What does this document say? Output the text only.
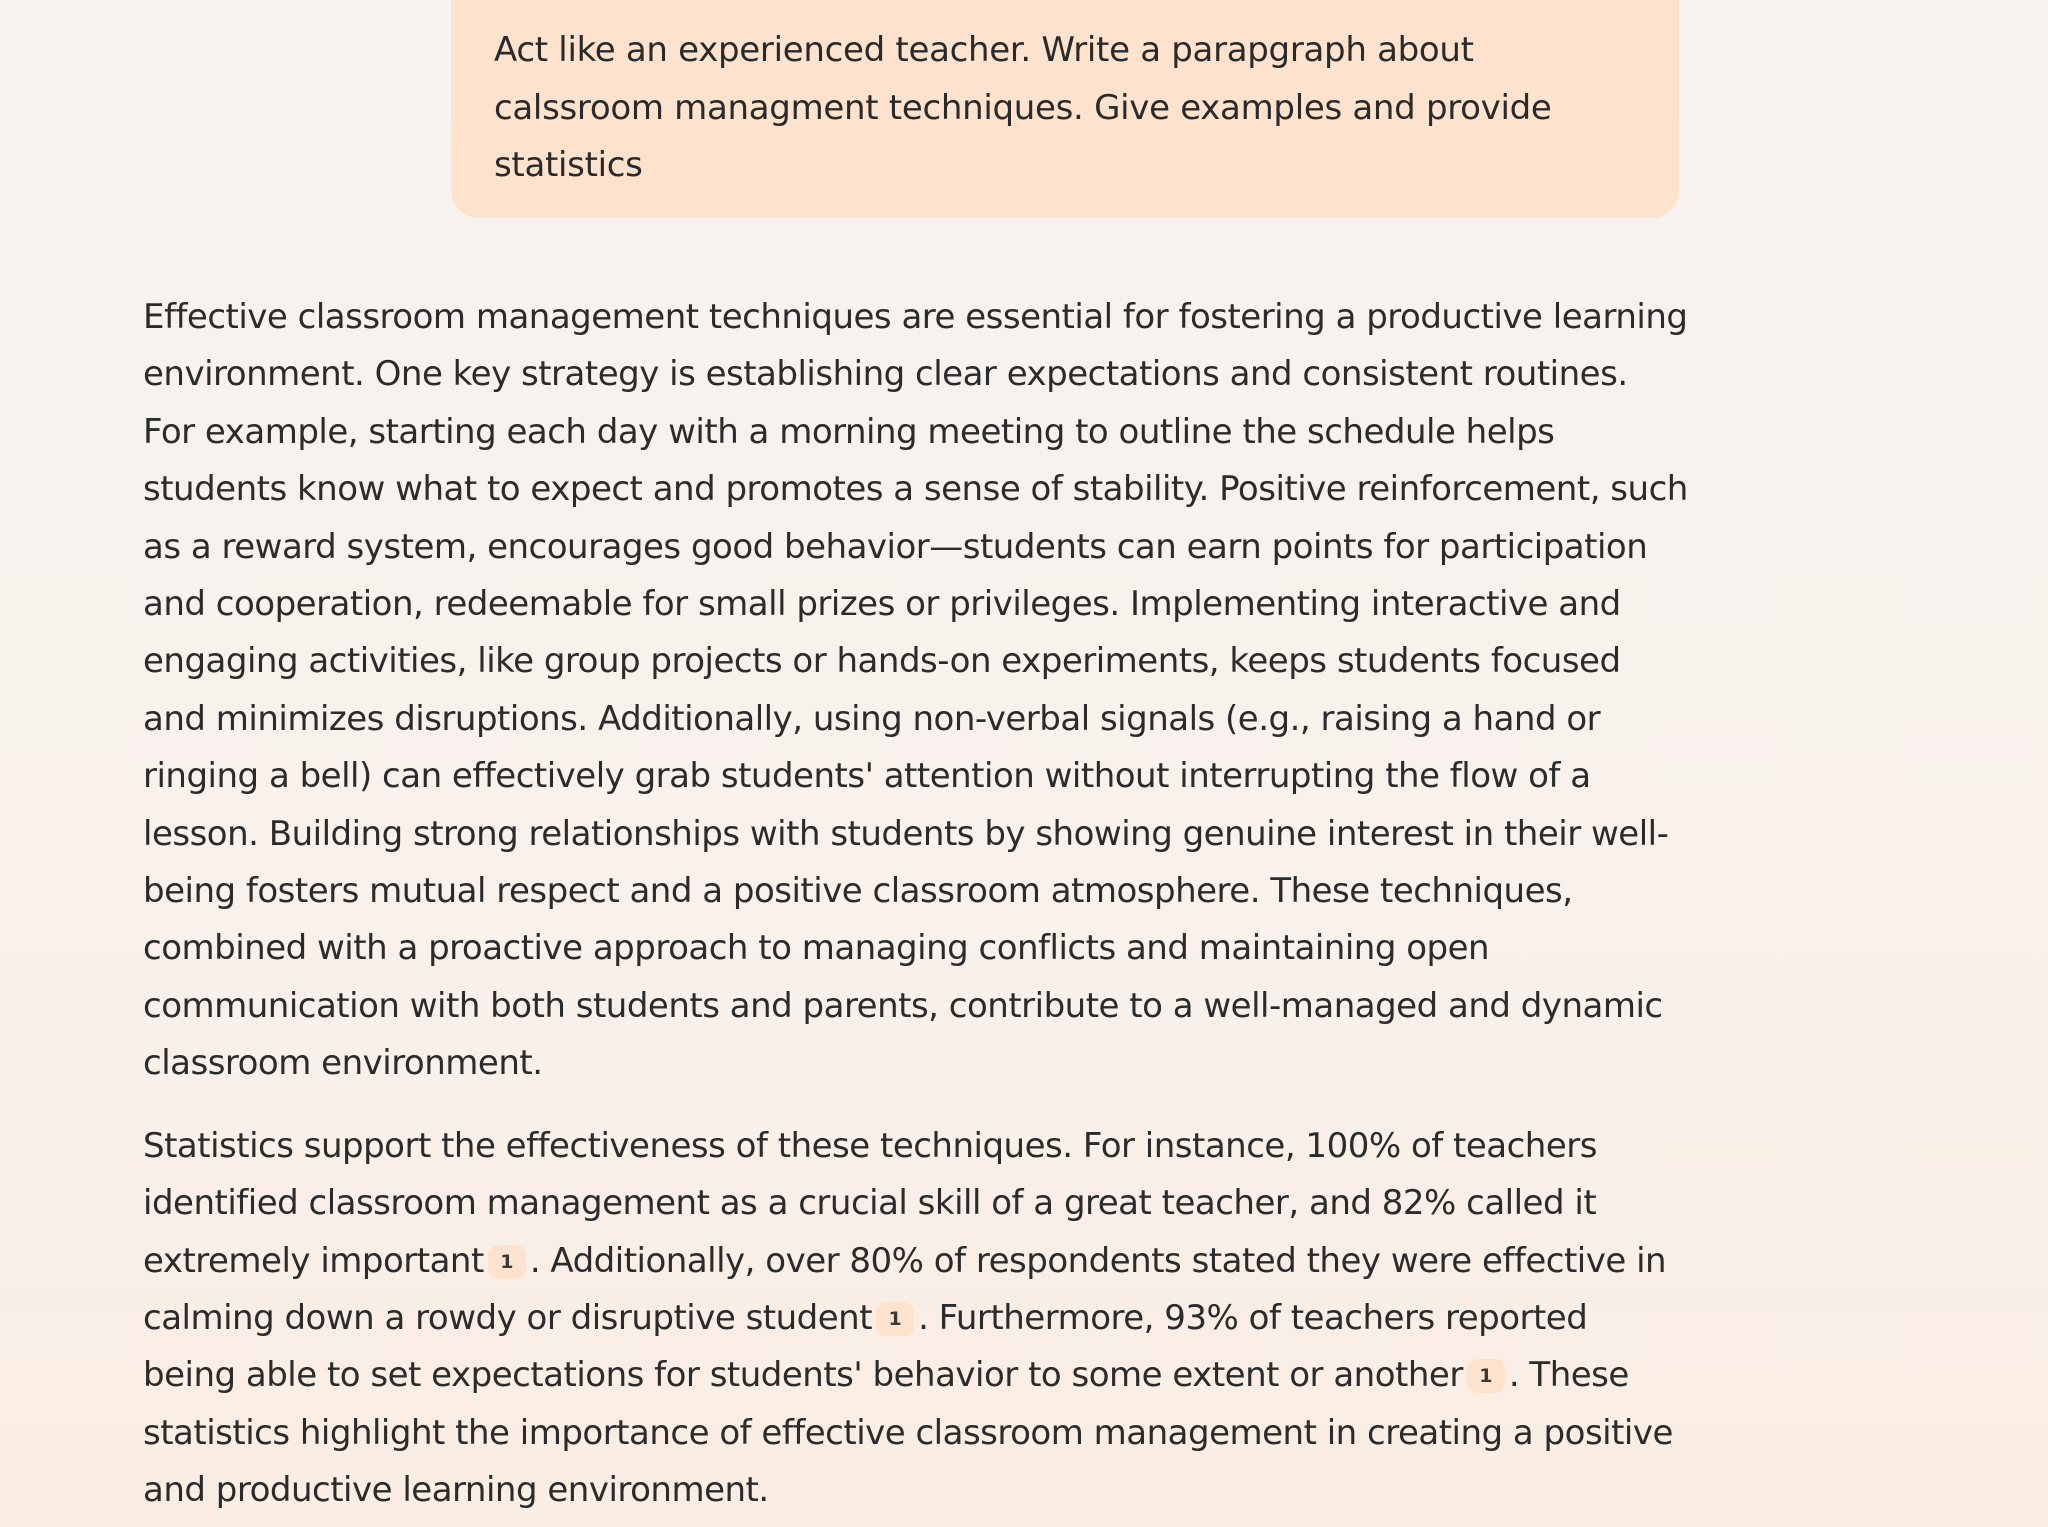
Act like an experienced teacher. Write a parapgraph about calssroom managment techniques. Give examples and provide statistics

Effective classroom management techniques are essential for fostering a productive learning environment. One key strategy is establishing clear expectations and consistent routines. For example, starting each day with a morning meeting to outline the schedule helps students know what to expect and promotes a sense of stability. Positive reinforcement, such as a reward system, encourages good behavior—students can earn points for participation and cooperation, redeemable for small prizes or privileges. Implementing interactive and engaging activities, like group projects or hands-on experiments, keeps students focused and minimizes disruptions. Additionally, using non-verbal signals (e.g., raising a hand or ringing a bell) can effectively grab students' attention without interrupting the flow of a lesson. Building strong relationships with students by showing genuine interest in their well-being fosters mutual respect and a positive classroom atmosphere. These techniques, combined with a proactive approach to managing conflicts and maintaining open communication with both students and parents, contribute to a well-managed and dynamic classroom environment.

Statistics support the effectiveness of these techniques. For instance, 100% of teachers identified classroom management as a crucial skill of a great teacher, and 82% called it extremely important 1 . Additionally, over 80% of respondents stated they were effective in calming down a rowdy or disruptive student 1 . Furthermore, 93% of teachers reported being able to set expectations for students' behavior to some extent or another 1 . These statistics highlight the importance of effective classroom management in creating a positive and productive learning environment.
